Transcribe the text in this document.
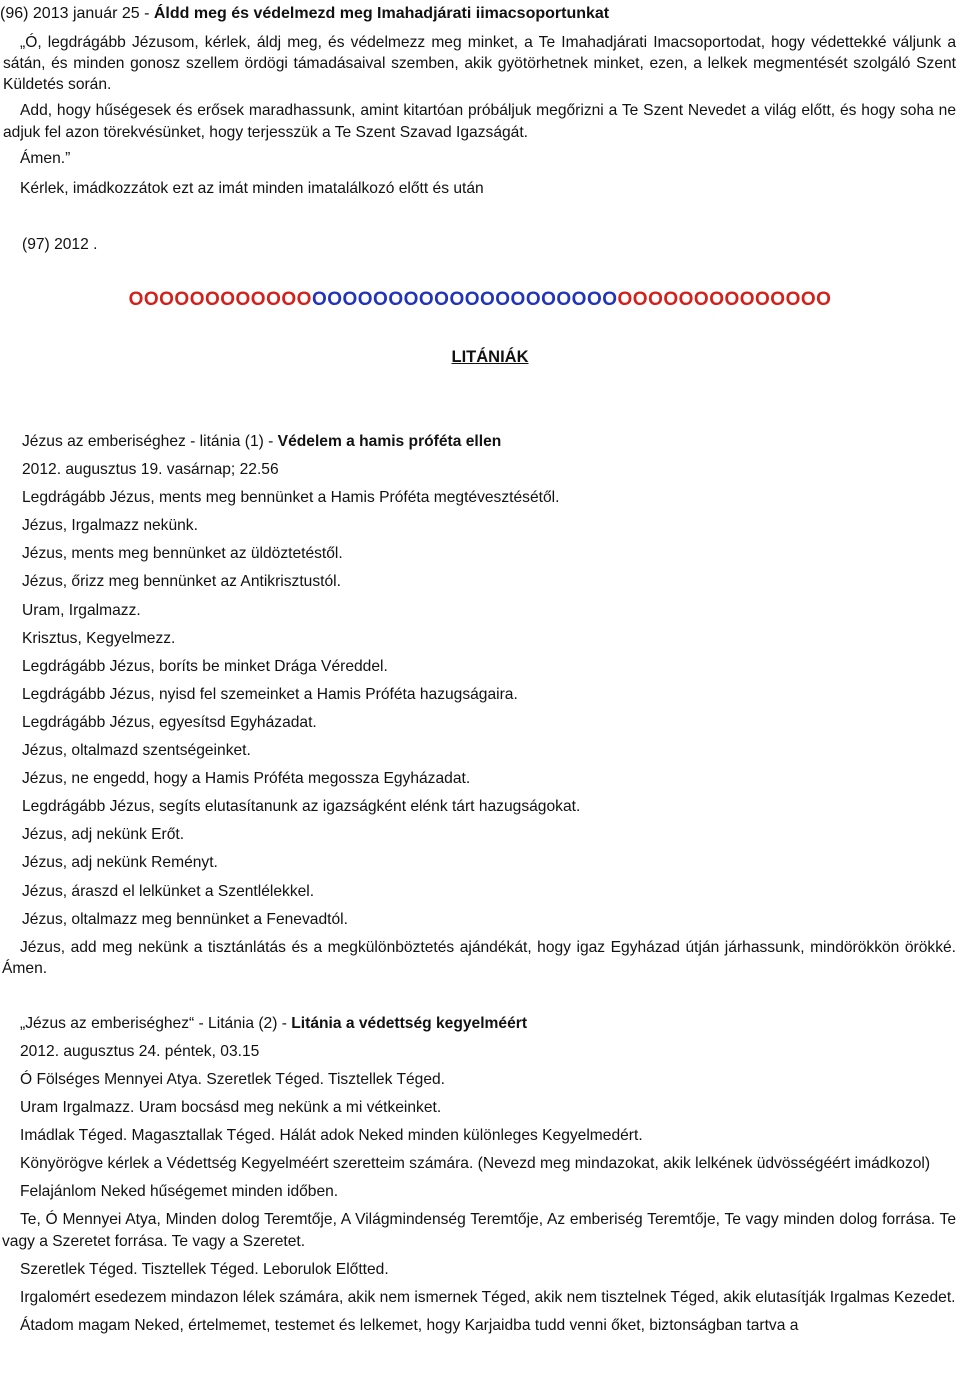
(96) 2013 január 25 - Áldd meg és védelmezd meg Imahadjárati iimacsoportunkat

„Ó, legdrágább Jézusom, kérlek, áldj meg, és védelmezz meg minket, a Te Imahadjárati Imacsoportodat, hogy védettekké váljunk a sátán, és minden gonosz szellem ördögi támadásaival szemben, akik gyötörhetnek minket, ezen, a lelkek megmentését szolgáló Szent Küldetés során.

Add, hogy hűségesek és erősek maradhassunk, amint kitartóan próbáljuk megőrizni a Te Szent Nevedet a világ előtt, és hogy soha ne adjuk fel azon törekvésünket, hogy terjesszük a Te Szent Szavad Igazságát.

Ámen.”

Kérlek, imádkozzátok ezt az imát minden imatalálkozó előtt és után

(97) 2012 .

OOOOOOOOOOOOOOOOOOOOOOOOOOOOOOOOOOOOOOOOOOOOOO
LITÁNIÁK
Jézus az emberiséghez - litánia (1) - Védelem a hamis próféta ellen
2012. augusztus 19. vasárnap; 22.56
Legdrágább Jézus, ments meg bennünket a Hamis Próféta megtévesztésétől.
Jézus, Irgalmazz nekünk.
Jézus, ments meg bennünket az üldöztetéstől.
Jézus, őrizz meg bennünket az Antikrisztustól.
Uram, Irgalmazz.
Krisztus, Kegyelmezz.
Legdrágább Jézus, boríts be minket Drága Véreddel.
Legdrágább Jézus, nyisd fel szemeinket a Hamis Próféta hazugságaira.
Legdrágább Jézus, egyesítsd Egyházadat.
Jézus, oltalmazd szentségeinket.
Jézus, ne engedd, hogy a Hamis Próféta megossza Egyházadat.
Legdrágább Jézus, segíts elutasítanunk az igazságként elénk tárt hazugságokat.
Jézus, adj nekünk Erőt.
Jézus, adj nekünk Reményt.
Jézus, áraszd el lelkünket a Szentlélekkel.
Jézus, oltalmazz meg bennünket a Fenevadtól.

Jézus, add meg nekünk a tisztánlátás és a megkülönböztetés ajándékát, hogy igaz Egyházad útján járhassunk, mindörökkön örökké. Ámen.

„Jézus az emberiséghez“ - Litánia (2) - Litánia a védettség kegyelméért
2012. augusztus 24. péntek, 03.15

Ó Fölséges Mennyei Atya. Szeretlek Téged. Tisztellek Téged.

Uram Irgalmazz. Uram bocsásd meg nekünk a mi vétkeinket.

Imádlak Téged. Magasztallak Téged. Hálát adok Neked minden különleges Kegyelmedért.

Könyörögve kérlek a Védettség Kegyelméért szeretteim számára. (Nevezd meg mindazokat, akik lelkének üdvösségéért imádkozol)

Felajánlom Neked hűségemet minden időben.

Te, Ó Mennyei Atya, Minden dolog Teremtője, A Világmindenség Teremtője, Az emberiség Teremtője, Te vagy minden dolog forrása. Te vagy a Szeretet forrása. Te vagy a Szeretet.

Szeretlek Téged. Tisztellek Téged. Leborulok Előtted.

Irgalomért esedezem mindazon lélek számára, akik nem ismernek Téged, akik nem tisztelnek Téged, akik elutasítják Irgalmas Kezedet.

Átadom magam Neked, értelmemet, testemet és lelkemet, hogy Karjaidba tudd venni őket, biztonságban tartva a
